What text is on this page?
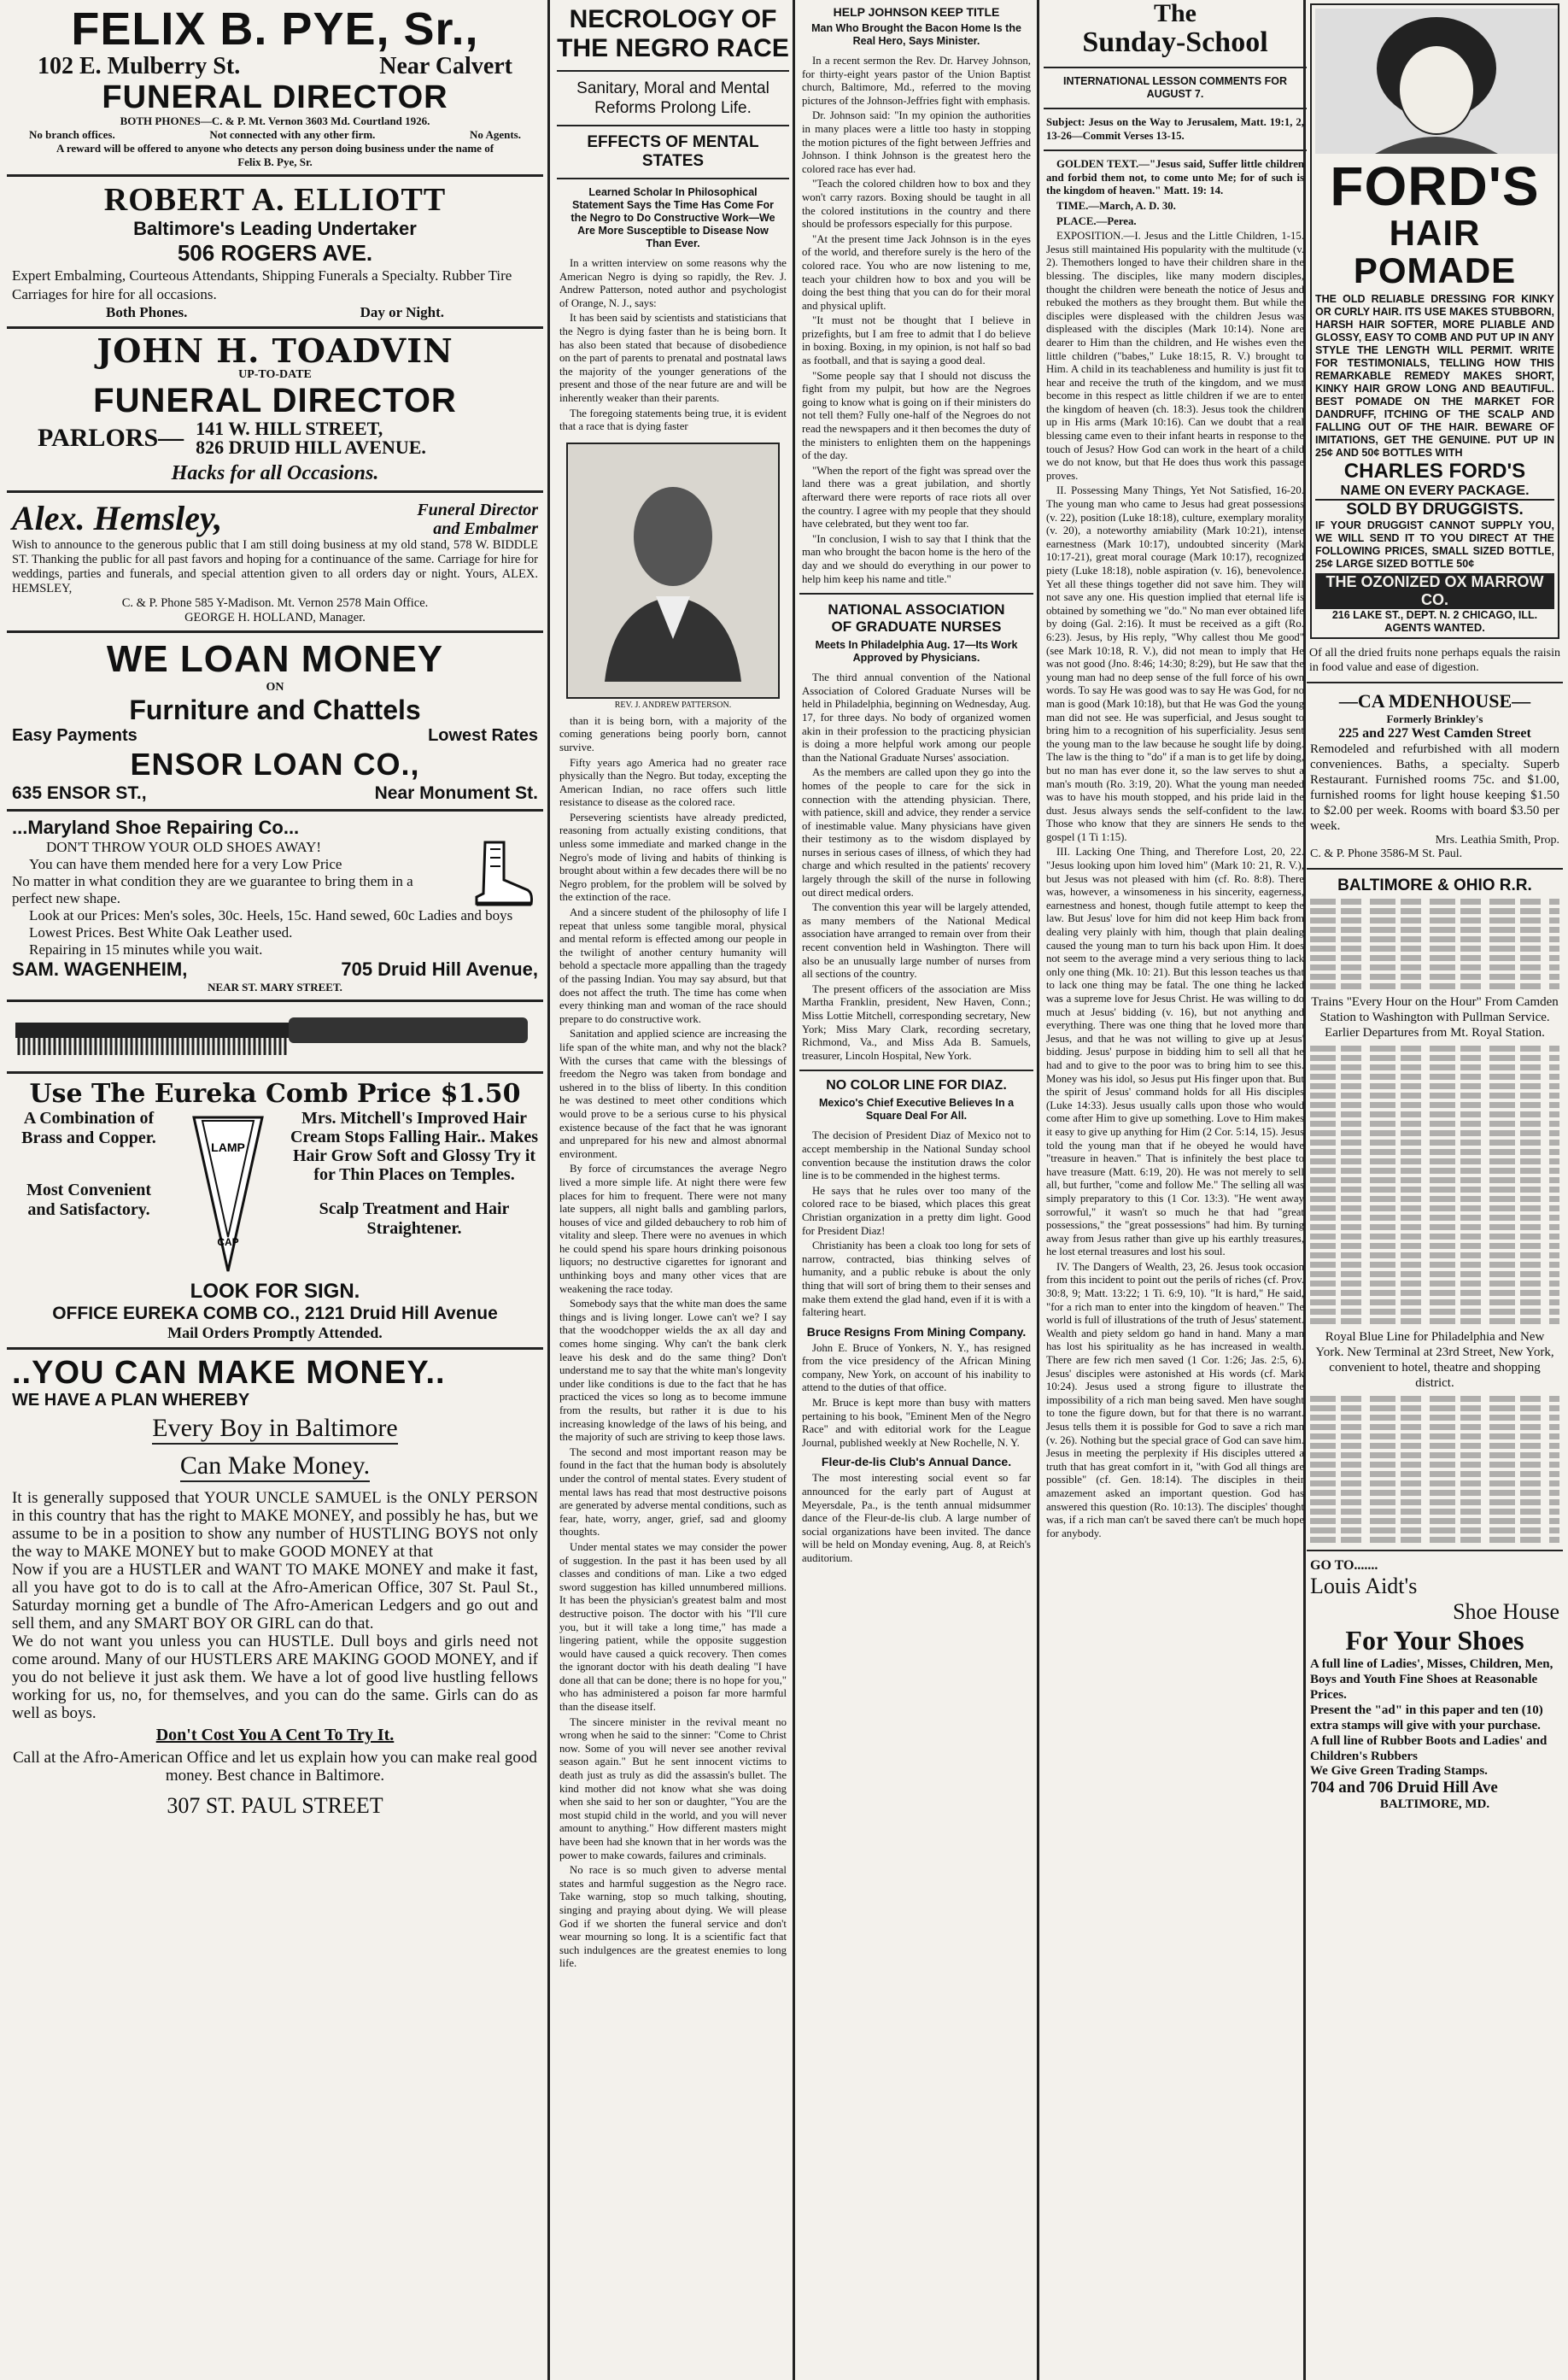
FELIX B. PYE, Sr.,
102 E. Mulberry St.	Near Calvert
FUNERAL DIRECTOR
BOTH PHONES—C. & P. Mt. Vernon 3603 Md. Courtland 1926.
No branch offices.	Not connected with any other firm.	No Agents.
A reward will be offered to anyone who detects any person doing business under the name of Felix B. Pye, Sr.
ROBERT A. ELLIOTT
Baltimore's Leading Undertaker
506 ROGERS AVE.
Expert Embalming, Courteous Attendants, Shipping Funerals a Specialty. Rubber Tire Carriages for hire for all occasions.
Both Phones.	Day or Night.
JOHN H. TOADVIN
UP-TO-DATE
FUNERAL DIRECTOR
PARLORS— 141 W. HILL STREET,
826 DRUID HILL AVENUE.
Hacks for all Occasions.
Alex. Hemsley,	Funeral Director
and Embalmer
Wish to announce to the generous public that I am still doing business at my old stand, 578 W. BIDDLE ST. Thanking the public for all past favors and hoping for a continuance of the same. Carriage for hire for weddings, parties and funerals, and special attention given to all orders day or night. Yours, ALEX. HEMSLEY,
C. & P. Phone 585 Y-Madison. Mt. Vernon 2578 Main Office.
GEORGE H. HOLLAND, Manager.
WE LOAN MONEY
ON
Furniture and Chattels
Easy Payments	Lowest Rates
ENSOR LOAN CO.,
635 ENSOR ST.,	Near Monument St.
...Maryland Shoe Repairing Co...
DON'T THROW YOUR OLD SHOES AWAY!
You can have them mended here for a very Low Price
No matter in what condition they are we guarantee to bring them in a perfect new shape.
Look at our Prices: Men's soles, 30c. Heels, 15c. Hand sewed, 60c Ladies and boys Lowest Prices. Best White Oak Leather used.
Repairing in 15 minutes while you wait.
SAM. WAGENHEIM,	705 Druid Hill Avenue,
NEAR ST. MARY STREET.
Use The Eureka Comb Price $1.50
A Combination of Brass and Copper.
Most Convenient and Satisfactory.
LAMP
CAP
Mrs. Mitchell's Improved Hair Cream Stops Falling Hair.. Makes Hair Grow Soft and Glossy Try it for Thin Places on Temples.
Scalp Treatment and Hair Straightener.
LOOK FOR SIGN.
OFFICE EUREKA COMB CO., 2121 Druid Hill Avenue
Mail Orders Promptly Attended.
..YOU CAN MAKE MONEY..
WE HAVE A PLAN WHEREBY
Every Boy in Baltimore
Can Make Money.
It is generally supposed that YOUR UNCLE SAMUEL is the ONLY PERSON in this country that has the right to MAKE MONEY, and possibly he has, but we assume to be in a position to show any number of HUSTLING BOYS not only the way to MAKE MONEY but to make GOOD MONEY at that
Now if you are a HUSTLER and WANT TO MAKE MONEY and make it fast, all you have got to do is to call at the Afro-American Office, 307 St. Paul St., Saturday morning get a bundle of The Afro-American Ledgers and go out and sell them, and any SMART BOY OR GIRL can do that.
We do not want you unless you can HUSTLE. Dull boys and girls need not come around. Many of our HUSTLERS ARE MAKING GOOD MONEY, and if you do not believe it just ask them. We have a lot of good live hustling fellows working for us, no, for themselves, and you can do the same. Girls can do as well as boys.
Don't Cost You A Cent To Try It.
Call at the Afro-American Office and let us explain how you can make real good money. Best chance in Baltimore.
307 ST. PAUL STREET
NECROLOGY OF
THE NEGRO RACE
Sanitary, Moral and Mental Reforms Prolong Life.
EFFECTS OF MENTAL STATES
Learned Scholar In Philosophical Statement Says the Time Has Come For the Negro to Do Constructive Work—We Are More Susceptible to Disease Now Than Ever.

In a written interview on some reasons why the American Negro is dying so rapidly, the Rev. J. Andrew Patterson, noted author and psychologist of Orange, N. J., says:

It has been said by scientists and statisticians that the Negro is dying faster than he is being born. It has also been stated that because of disobedience on the part of parents to prenatal and postnatal laws the majority of the younger generations of the present and those of the near future are and will be inherently weaker than their parents.

The foregoing statements being true, it is evident that a race that is dying faster

REV. J. ANDREW PATTERSON.

than it is being born, with a majority of the coming generations being poorly born, cannot survive.

Fifty years ago America had no greater race physically than the Negro. But today, excepting the American Indian, no race offers such little resistance to disease as the colored race.

Persevering scientists have already predicted, reasoning from actually existing conditions, that unless some immediate and marked change in the Negro's mode of living and habits of thinking is brought about within a few decades there will be no Negro problem, for the problem will be solved by the extinction of the race.

And a sincere student of the philosophy of life I repeat that unless some tangible moral, physical and mental reform is effected among our people in the twilight of another century humanity will behold a spectacle more appalling than the tragedy of the passing Indian. You may say absurd, but that does not affect the truth. The time has come when every thinking man and woman of the race should prepare to do constructive work.

Sanitation and applied science are increasing the life span of the white man, and why not the black? With the curses that came with the blessings of freedom the Negro was taken from bondage and ushered in to the bliss of liberty. In this condition he was destined to meet other conditions which would prove to be a serious curse to his physical existence because of the fact that he was ignorant and unprepared for his new and almost abnormal environment.

By force of circumstances the average Negro lived a more simple life. At night there were few places for him to frequent. There were not many late suppers, all night balls and gambling parlors, houses of vice and gilded debauchery to rob him of vitality and sleep. There were no avenues in which he could spend his spare hours drinking poisonous liquors; no destructive cigarettes for ignorant and unthinking boys and many other vices that are weakening the race today.

Somebody says that the white man does the same things and is living longer. Lowe can't we? I say that the woodchopper wields the ax all day and comes home singing. Why can't the bank clerk leave his desk and do the same thing? Don't understand me to say that the white man's longevity under like conditions is due to the fact that he has practiced the vices so long as to become immune from the results, but rather it is due to his increasing knowledge of the laws of his being, and the majority of such are striving to keep those laws.

The second and most important reason may be found in the fact that the human body is absolutely under the control of mental states. Every student of mental laws has read that most destructive poisons are generated by adverse mental conditions, such as fear, hate, worry, anger, grief, sad and gloomy thoughts.

Under mental states we may consider the power of suggestion. In the past it has been used by all classes and conditions of man. Like a two edged sword suggestion has killed unnumbered millions. It has been the physician's greatest balm and most destructive poison. The doctor with his "I'll cure you, but it will take a long time," has made a lingering patient, while the opposite suggestion would have caused a quick recovery. Then comes the ignorant doctor with his death dealing "I have done all that can be done; there is no hope for you," who has administered a poison far more harmful than the disease itself.

The sincere minister in the revival meant no wrong when he said to the sinner: "Come to Christ now. Some of you will never see another revival season again." But he sent innocent victims to death just as truly as did the assassin's bullet. The kind mother did not know what she was doing when she said to her son or daughter, "You are the most stupid child in the world, and you will never amount to anything." How different masters might have been had she known that in her words was the power to make cowards, failures and criminals.

No race is so much given to adverse mental states and harmful suggestion as the Negro race. Take warning, stop so much talking, shouting, singing and praying about dying. We will please God if we shorten the funeral service and don't wear mourning so long. It is a scientific fact that such indulgences are the greatest enemies to long life.

HELP JOHNSON KEEP TITLE
Man Who Brought the Bacon Home Is the Real Hero, Says Minister.

In a recent sermon the Rev. Dr. Harvey Johnson, for thirty-eight years pastor of the Union Baptist church, Baltimore, Md., referred to the moving pictures of the Johnson-Jeffries fight with emphasis.

Dr. Johnson said: "In my opinion the authorities in many places were a little too hasty in stopping the motion pictures of the fight between Jeffries and Johnson. I think Johnson is the greatest hero the colored race has ever had.

"Teach the colored children how to box and they won't carry razors. Boxing should be taught in all the colored institutions in the country and there should be professors especially for this purpose.

"At the present time Jack Johnson is in the eyes of the world, and therefore surely is the hero of the colored race. You who are now listening to me, teach your children how to box and you will be doing the best thing that you can do for their moral and physical uplift.

"It must not be thought that I believe in prizefights, but I am free to admit that I do believe in boxing. Boxing, in my opinion, is not half so bad as football, and that is saying a good deal.

"Some people say that I should not discuss the fight from my pulpit, but how are the Negroes going to know what is going on if their ministers do not tell them? Fully one-half of the Negroes do not read the newspapers and it then becomes the duty of the ministers to enlighten them on the happenings of the day.

"When the report of the fight was spread over the land there was a great jubilation, and shortly afterward there were reports of race riots all over the country. I agree with my people that they should have celebrated, but they went too far.

"In conclusion, I wish to say that I think that the man who brought the bacon home is the hero of the day and we should do everything in our power to help him keep his name and title."

NATIONAL ASSOCIATION
OF GRADUATE NURSES
Meets In Philadelphia Aug. 17—Its Work Approved by Physicians.

The third annual convention of the National Association of Colored Graduate Nurses will be held in Philadelphia, beginning on Wednesday, Aug. 17, for three days. No body of organized women akin in their profession to the practicing physician is doing a more helpful work among our people than the National Graduate Nurses' association.

As the members are called upon they go into the homes of the people to care for the sick in connection with the attending physician. There, with patience, skill and advice, they render a service of inestimable value. Many physicians have given their testimony as to the wisdom displayed by nurses in serious cases of illness, of which they had charge and which resulted in the patients' recovery largely through the skill of the nurse in following out direct medical orders.

The convention this year will be largely attended, as many members of the National Medical association have arranged to remain over from their recent convention held in Washington. There will also be an unusually large number of nurses from all sections of the country.

The present officers of the association are Miss Martha Franklin, president, New Haven, Conn.; Miss Lottie Mitchell, corresponding secretary, New York; Miss Mary Clark, recording secretary, Richmond, Va., and Miss Ada B. Samuels, treasurer, Lincoln Hospital, New York.

NO COLOR LINE FOR DIAZ.
Mexico's Chief Executive Believes In a Square Deal For All.

The decision of President Diaz of Mexico not to accept membership in the National Sunday school convention because the institution draws the color line is to be commended in the highest terms.

He says that he rules over too many of the colored race to be biased, which places this great Christian organization in a pretty dim light. Good for President Diaz!

Christianity has been a cloak too long for sets of narrow, contracted, bias thinking selves of humanity, and a public rebuke is about the only thing that will sort of bring them to their senses and make them extend the glad hand, even if it is with a faltering heart.

Bruce Resigns From Mining Company.

John E. Bruce of Yonkers, N. Y., has resigned from the vice presidency of the African Mining company, New York, on account of his inability to attend to the duties of that office.

Mr. Bruce is kept more than busy with matters pertaining to his book, "Eminent Men of the Negro Race" and with editorial work for the League Journal, published weekly at New Rochelle, N. Y.

Fleur-de-lis Club's Annual Dance.

The most interesting social event so far announced for the early part of August at Meyersdale, Pa., is the tenth annual midsummer dance of the Fleur-de-lis club. A large number of social organizations have been invited. The dance will be held on Monday evening, Aug. 8, at Reich's auditorium.

The
Sunday-School
INTERNATIONAL LESSON COMMENTS FOR AUGUST 7.
Subject: Jesus on the Way to Jerusalem, Matt. 19:1, 2, 13-26—Commit Verses 13-15.

GOLDEN TEXT.—"Jesus said, Suffer little children and forbid them not, to come unto Me; for of such is the kingdom of heaven." Matt. 19: 14.

TIME.—March, A. D. 30.

PLACE.—Perea.

EXPOSITION.—I. Jesus and the Little Children, 1-15. Jesus still maintained His popularity with the multitude (v. 2). Themothers longed to have their children share in the blessing. The disciples, like many modern disciples, thought the children were beneath the notice of Jesus and rebuked the mothers as they brought them. But while the disciples were displeased with the children Jesus was displeased with the disciples (Mark 10:14). None are dearer to Him than the children, and He wishes even the little children ("babes," Luke 18:15, R. V.) brought to Him. A child in its teachableness and humility is just fit to hear and receive the truth of the kingdom, and we must become in this respect as little children if we are to enter the kingdom of heaven (ch. 18:3). Jesus took the children up in His arms (Mark 10:16). Can we doubt that a real blessing came even to their infant hearts in response to the touch of Jesus? How God can work in the heart of a child we do not know, but that He does thus work this passage proves.

II. Possessing Many Things, Yet Not Satisfied, 16-20. The young man who came to Jesus had great possessions (v. 22), position (Luke 18:18), culture, exemplary morality (v. 20), a noteworthy amiability (Mark 10:21), intense earnestness (Mark 10:17), undoubted sincerity (Mark 10:17-21), great moral courage (Mark 10:17), recognized piety (Luke 18:18), noble aspiration (v. 16), benevolence. Yet all these things together did not save him. They will not save any one. His question implied that eternal life is obtained by something we "do." No man ever obtained life by doing (Gal. 2:16). It must be received as a gift (Ro. 6:23). Jesus, by His reply, "Why callest thou Me good" (see Mark 10:18, R. V.), did not mean to imply that He was not good (Jno. 8:46; 14:30; 8:29), but He saw that the young man had no deep sense of the full force of his own words. To say He was good was to say He was God, for no man is good (Mark 10:18), but that He was God the young man did not see. He was superficial, and Jesus sought to bring him to a recognition of his superficiality. Jesus sent the young man to the law because he sought life by doing. The law is the thing to "do" if a man is to get life by doing, but no man has ever done it, so the law serves to shut a man's mouth (Ro. 3:19, 20). What the young man needed was to have his mouth stopped, and his pride laid in the dust. Jesus always sends the self-confident to the law. Those who know that they are sinners He sends to the gospel (1 Ti 1:15).

III. Lacking One Thing, and Therefore Lost, 20, 22. "Jesus looking upon him loved him" (Mark 10: 21, R. V.), but Jesus was not pleased with him (cf. Ro. 8:8). There was, however, a winsomeness in his sincerity, eagerness, earnestness and honest, though futile attempt to keep the law. But Jesus' love for him did not keep Him back from dealing very plainly with him, though that plain dealing caused the young man to turn his back upon Him. It does not seem to the average mind a very serious thing to lack only one thing (Mk. 10: 21). But this lesson teaches us that to lack one thing may be fatal. The one thing he lacked was a supreme love for Jesus Christ. He was willing to do much at Jesus' bidding (v. 16), but not anything and everything. There was one thing that he loved more than Jesus, and that he was not willing to give up at Jesus' bidding. Jesus' purpose in bidding him to sell all that he had and to give to the poor was to bring him to see this. Money was his idol, so Jesus put His finger upon that. But the spirit of Jesus' command holds for all His disciples (Luke 14:33). Jesus usually calls upon those who would come after Him to give up something. Love to Him makes it easy to give up anything for Him (2 Cor. 5:14, 15). Jesus told the young man that if he obeyed he would have "treasure in heaven." That is infinitely the best place to have treasure (Matt. 6:19, 20). He was not merely to sell all, but further, "come and follow Me." The selling all was simply preparatory to this (1 Cor. 13:3). "He went away sorrowful," it wasn't so much he that had "great possessions," the "great possessions" had him. By turning away from Jesus rather than give up his earthly treasures, he lost eternal treasures and lost his soul.

IV. The Dangers of Wealth, 23, 26. Jesus took occasion from this incident to point out the perils of riches (cf. Prov. 30:8, 9; Matt. 13:22; 1 Ti. 6:9, 10). "It is hard," He said, "for a rich man to enter into the kingdom of heaven." The world is full of illustrations of the truth of Jesus' statement. Wealth and piety seldom go hand in hand. Many a man has lost his spirituality as he has increased in wealth. There are few rich men saved (1 Cor. 1:26; Jas. 2:5, 6). Jesus' disciples were astonished at His words (cf. Mark 10:24). Jesus used a strong figure to illustrate the impossibility of a rich man being saved. Men have sought to tone the figure down, but for that there is no warrant. Jesus tells them it is possible for God to save a rich man (v. 26). Nothing but the special grace of God can save him. Jesus in meeting the perplexity if His disciples uttered a truth that has great comfort in it, "with God all things are possible" (cf. Gen. 18:14). The disciples in their amazement asked an important question. God has answered this question (Ro. 10:13). The disciples' thought was, if a rich man can't be saved there can't be much hope for anybody.

FORD'S
HAIR POMADE
THE OLD RELIABLE DRESSING FOR KINKY OR CURLY HAIR. ITS USE MAKES STUBBORN, HARSH HAIR SOFTER, MORE PLIABLE AND GLOSSY, EASY TO COMB AND PUT UP IN ANY STYLE THE LENGTH WILL PERMIT. WRITE FOR TESTIMONIALS, TELLING HOW THIS REMARKABLE REMEDY MAKES SHORT, KINKY HAIR GROW LONG AND BEAUTIFUL. BEST POMADE ON THE MARKET FOR DANDRUFF, ITCHING OF THE SCALP AND FALLING OUT OF THE HAIR. BEWARE OF IMITATIONS, GET THE GENUINE. PUT UP IN 25¢ AND 50¢ BOTTLES WITH
CHARLES FORD'S
NAME ON EVERY PACKAGE.
SOLD BY DRUGGISTS.
IF YOUR DRUGGIST CANNOT SUPPLY YOU, WE WILL SEND IT TO YOU DIRECT AT THE FOLLOWING PRICES, SMALL SIZED BOTTLE, 25¢ LARGE SIZED BOTTLE 50¢
THE OZONIZED OX MARROW CO.
216 LAKE ST., DEPT. N. 2 CHICAGO, ILL.
AGENTS WANTED.
Of all the dried fruits none perhaps equals the raisin in food value and ease of digestion.
—CA MDENHOUSE—
Formerly Brinkley's
225 and 227 West Camden Street
Remodeled and refurbished with all modern conveniences. Baths, a specialty. Superb Restaurant. Furnished rooms 75c. and $1.00, furnished rooms for light house keeping $1.50 to $2.00 per week. Rooms with board $3.50 per week.
Mrs. Leathia Smith, Prop.
C. & P. Phone 3586-M St. Paul.
BALTIMORE & OHIO R.R.
Trains "Every Hour on the Hour" From Camden Station to Washington with Pullman Service. Earlier Departures from Mt. Royal Station.
Royal Blue Line for Philadelphia and New York. New Terminal at 23rd Street, New York, convenient to hotel, theatre and shopping district.
GO TO.......
Louis Aidt's
Shoe House
For Your Shoes
A full line of Ladies', Misses, Children, Men, Boys and Youth Fine Shoes at Reasonable Prices.
Present the "ad" in this paper and ten (10) extra stamps will give with your purchase.
A full line of Rubber Boots and Ladies' and Children's Rubbers
We Give Green Trading Stamps.
704 and 706 Druid Hill Ave
BALTIMORE, MD.
